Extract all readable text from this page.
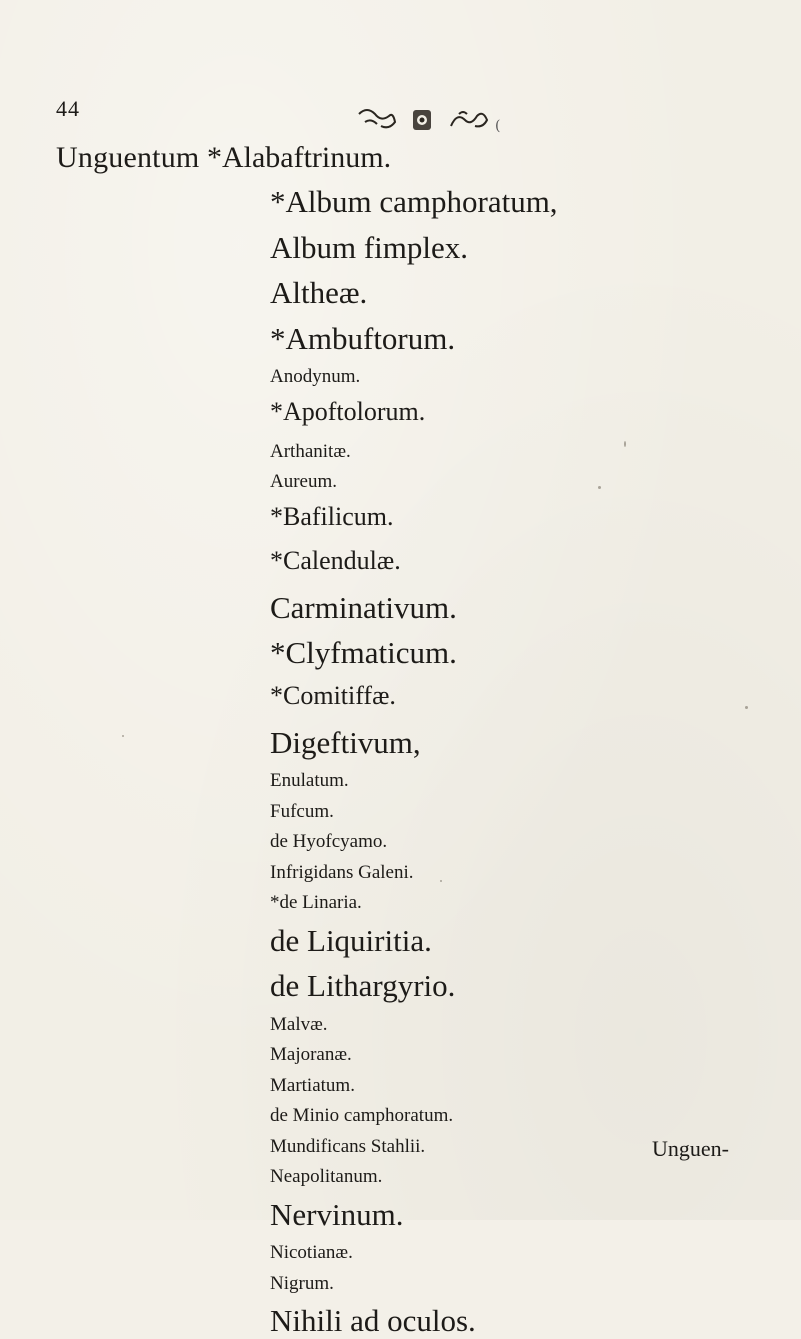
44
(
Unguentum *Alabaftrinum.
*Album camphoratum,
Album fimplex.
Altheæ.
*Ambuftorum.
Anodynum.
*Apoftolorum.
Arthanitæ.
Aureum.
*Bafilicum.
*Calendulæ.
Carminativum.
*Clyfmaticum.
*Comitiffæ.
Digeftivum,
Enulatum.
Fufcum.
de Hyofcyamo.
Infrigidans Galeni.
*de Linaria.
de Liquiritia.
de Lithargyrio.
Malvæ.
Majoranæ.
Martiatum.
de Minio camphoratum.
Mundificans Stahlii.
Neapolitanum.
Nervinum.
Nicotianæ.
Nigrum.
Nihili ad oculos.
Unguen-
